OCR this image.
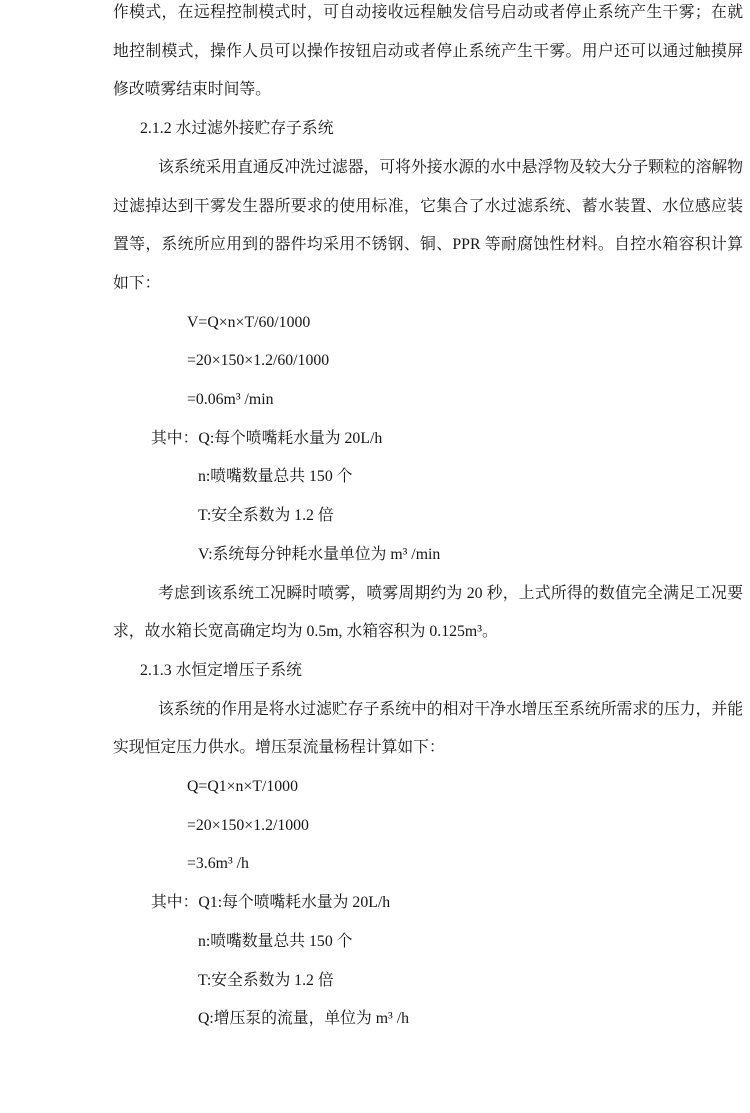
作模式，在远程控制模式时，可自动接收远程触发信号启动或者停止系统产生干雾；在就地控制模式，操作人员可以操作按钮启动或者停止系统产生干雾。用户还可以通过触摸屏修改喷雾结束时间等。

2.1.2 水过滤外接贮存子系统

该系统采用直通反冲洗过滤器，可将外接水源的水中悬浮物及较大分子颗粒的溶解物过滤掉达到干雾发生器所要求的使用标准，它集合了水过滤系统、蓄水装置、水位感应装置等，系统所应用到的器件均采用不锈钢、铜、PPR 等耐腐蚀性材料。自控水箱容积计算如下：

V=Q×n×T/60/1000

=20×150×1.2/60/1000

=0.06m³ /min

其中：Q:每个喷嘴耗水量为 20L/h

n:喷嘴数量总共 150 个

T:安全系数为 1.2 倍

V:系统每分钟耗水量单位为 m³ /min

考虑到该系统工况瞬时喷雾，喷雾周期约为 20 秒，上式所得的数值完全满足工况要求，故水箱长宽高确定均为 0.5m, 水箱容积为 0.125m³。

2.1.3 水恒定增压子系统

该系统的作用是将水过滤贮存子系统中的相对干净水增压至系统所需求的压力，并能实现恒定压力供水。增压泵流量杨程计算如下：

Q=Q1×n×T/1000

=20×150×1.2/1000

=3.6m³ /h

其中：Q1:每个喷嘴耗水量为 20L/h

n:喷嘴数量总共 150 个

T:安全系数为 1.2 倍

Q:增压泵的流量，单位为 m³ /h
